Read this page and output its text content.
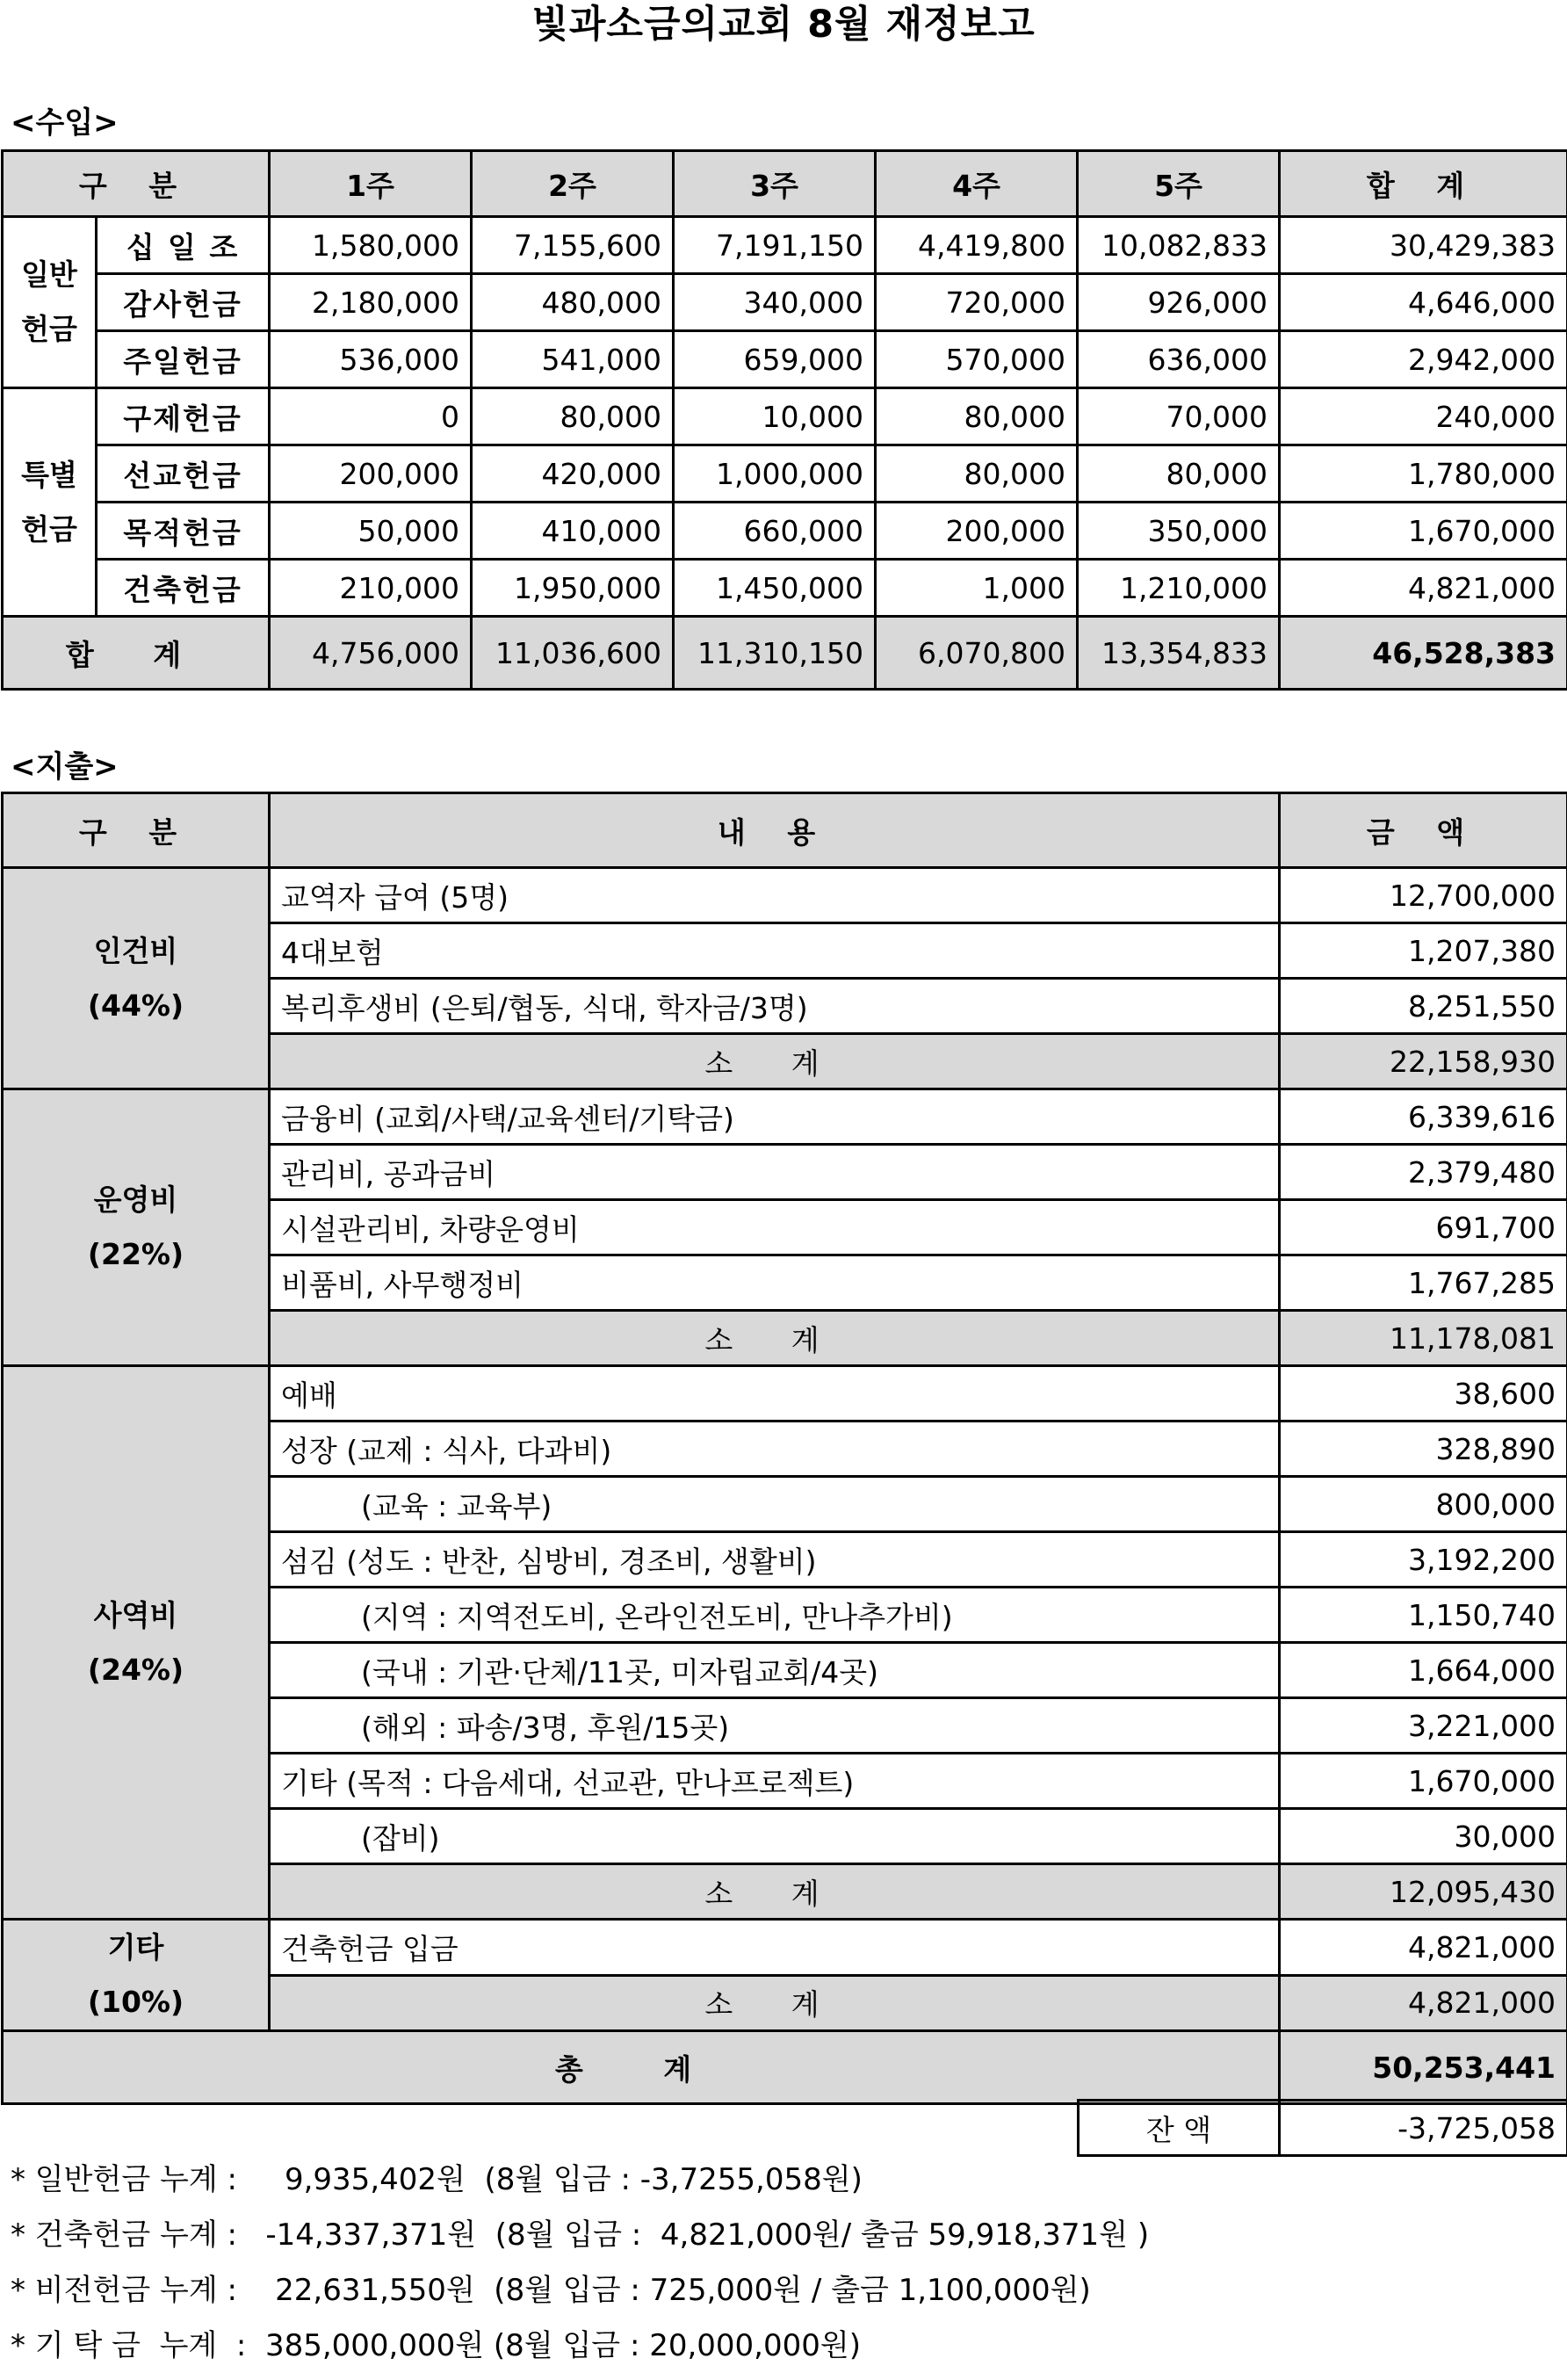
빛과소금의교회 8월 재정보고
<수입>
구 분		1주	2주	3주	4주	5주	합 계

일반
헌금	십 일 조	1,580,000	7,155,600	7,191,150	4,419,800	10,082,833	30,429,383
	감사헌금	2,180,000	480,000	340,000	720,000	926,000	4,646,000
	주일헌금	536,000	541,000	659,000	570,000	636,000	2,942,000

특별
헌금	구제헌금	0	80,000	10,000	80,000	70,000	240,000
	선교헌금	200,000	420,000	1,000,000	80,000	80,000	1,780,000
	목적헌금	50,000	410,000	660,000	200,000	350,000	1,670,000
	건축헌금	210,000	1,950,000	1,450,000	1,000	1,210,000	4,821,000
합 계		4,756,000	11,036,600	11,310,150	6,070,800	13,354,833	46,528,383
<지출>
구 분	내 용	금 액

인건비
(44%)	교역자 급여 (5명)	12,700,000
	4대보험	1,207,380
	복리후생비 (은퇴/협동, 식대, 학자금/3명)	8,251,550
	소 계	22,158,930

운영비
(22%)	금융비 (교회/사택/교육센터/기탁금)	6,339,616
	관리비, 공과금비	2,379,480
	시설관리비, 차량운영비	691,700
	비품비, 사무행정비	1,767,285
	소 계	11,178,081

사역비
(24%)	예배	38,600
	성장 (교제 : 식사, 다과비)	328,890
	(교육 : 교육부)	800,000
	섬김 (성도 : 반찬, 심방비, 경조비, 생활비)	3,192,200
	(지역 : 지역전도비, 온라인전도비, 만나추가비)	1,150,740
	(국내 : 기관·단체/11곳, 미자립교회/4곳)	1,664,000
	(해외 : 파송/3명, 후원/15곳)	3,221,000
	기타 (목적 : 다음세대, 선교관, 만나프로젝트)	1,670,000
	(잡비)	30,000
	소 계	12,095,430

기타
(10%)	건축헌금 입금	4,821,000
	소 계	4,821,000
총 계		50,253,441
잔 액	-3,725,058
* 일반헌금 누계 :     9,935,402원  (8월 입금 : -3,7255,058원)
* 건축헌금 누계 :   -14,337,371원  (8월 입금 :  4,821,000원/ 출금 59,918,371원 )
* 비전헌금 누계 :    22,631,550원  (8월 입금 : 725,000원 / 출금 1,100,000원)
* 기 탁 금  누계  :  385,000,000원 (8월 입금 : 20,000,000원)
